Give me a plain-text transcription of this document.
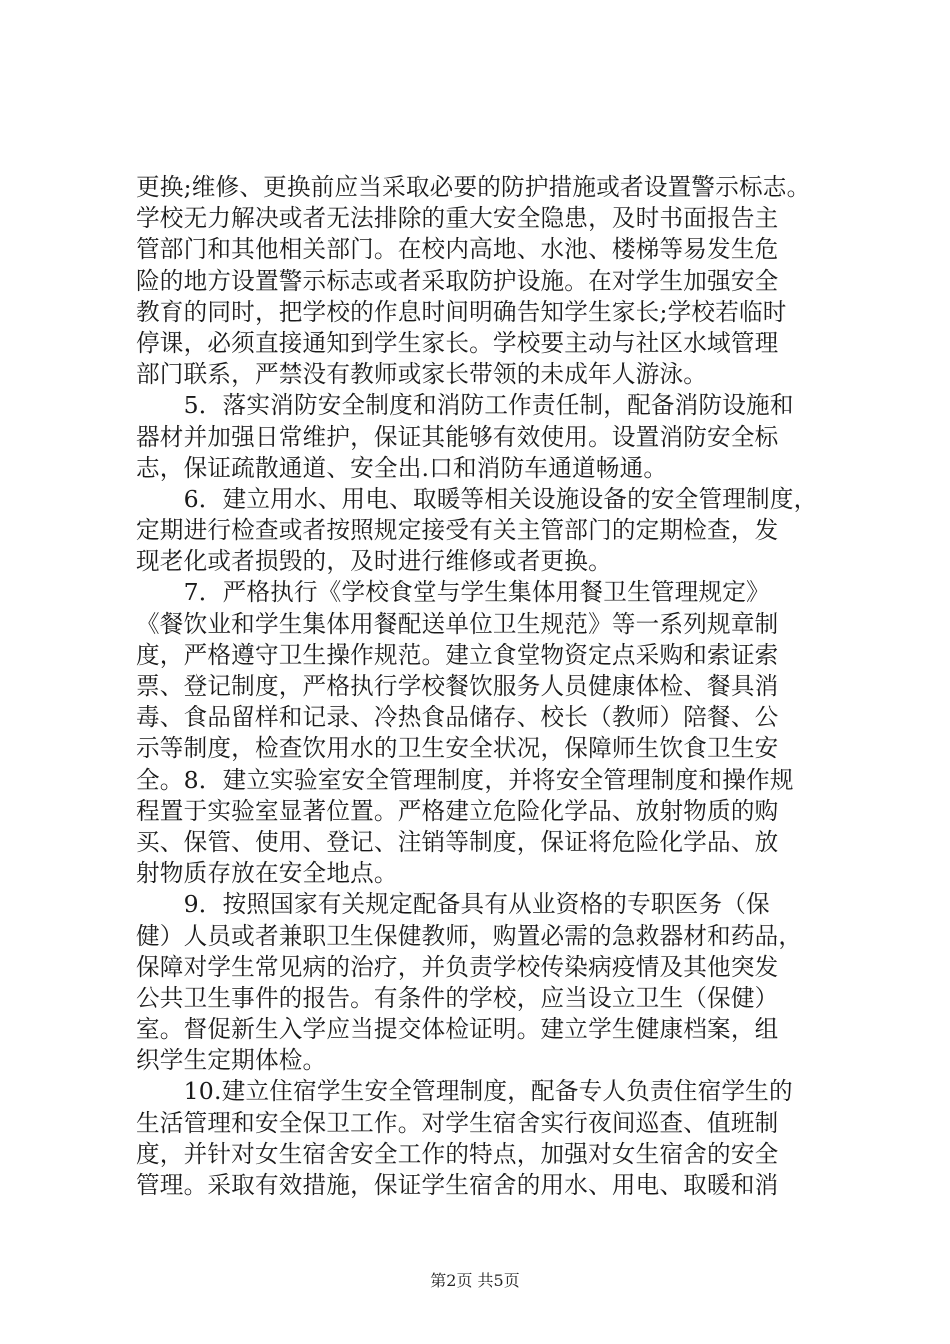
更换;维修、更换前应当采取必要的防护措施或者设置警示标志。
学校无力解决或者无法排除的重大安全隐患，及时书面报告主
管部门和其他相关部门。在校内高地、水池、楼梯等易发生危
险的地方设置警示标志或者采取防护设施。在对学生加强安全
教育的同时，把学校的作息时间明确告知学生家长;学校若临时
停课，必须直接通知到学生家长。学校要主动与社区水域管理
部门联系，严禁没有教师或家长带领的未成年人游泳。
　　5．落实消防安全制度和消防工作责任制，配备消防设施和
器材并加强日常维护，保证其能够有效使用。设置消防安全标
志，保证疏散通道、安全出.口和消防车通道畅通。
　　6．建立用水、用电、取暖等相关设施设备的安全管理制度，
定期进行检查或者按照规定接受有关主管部门的定期检查，发
现老化或者损毁的，及时进行维修或者更换。
　　7．严格执行《学校食堂与学生集体用餐卫生管理规定》
《餐饮业和学生集体用餐配送单位卫生规范》等一系列规章制
度，严格遵守卫生操作规范。建立食堂物资定点采购和索证索
票、登记制度，严格执行学校餐饮服务人员健康体检、餐具消
毒、食品留样和记录、冷热食品储存、校长（教师）陪餐、公
示等制度，检查饮用水的卫生安全状况，保障师生饮食卫生安
全。8．建立实验室安全管理制度，并将安全管理制度和操作规
程置于实验室显著位置。严格建立危险化学品、放射物质的购
买、保管、使用、登记、注销等制度，保证将危险化学品、放
射物质存放在安全地点。
　　9．按照国家有关规定配备具有从业资格的专职医务（保
健）人员或者兼职卫生保健教师，购置必需的急救器材和药品，
保障对学生常见病的治疗，并负责学校传染病疫情及其他突发
公共卫生事件的报告。有条件的学校，应当设立卫生（保健）
室。督促新生入学应当提交体检证明。建立学生健康档案，组
织学生定期体检。
　　10.建立住宿学生安全管理制度，配备专人负责住宿学生的
生活管理和安全保卫工作。对学生宿舍实行夜间巡查、值班制
度，并针对女生宿舍安全工作的特点，加强对女生宿舍的安全
管理。采取有效措施，保证学生宿舍的用水、用电、取暖和消
第2页 共5页
